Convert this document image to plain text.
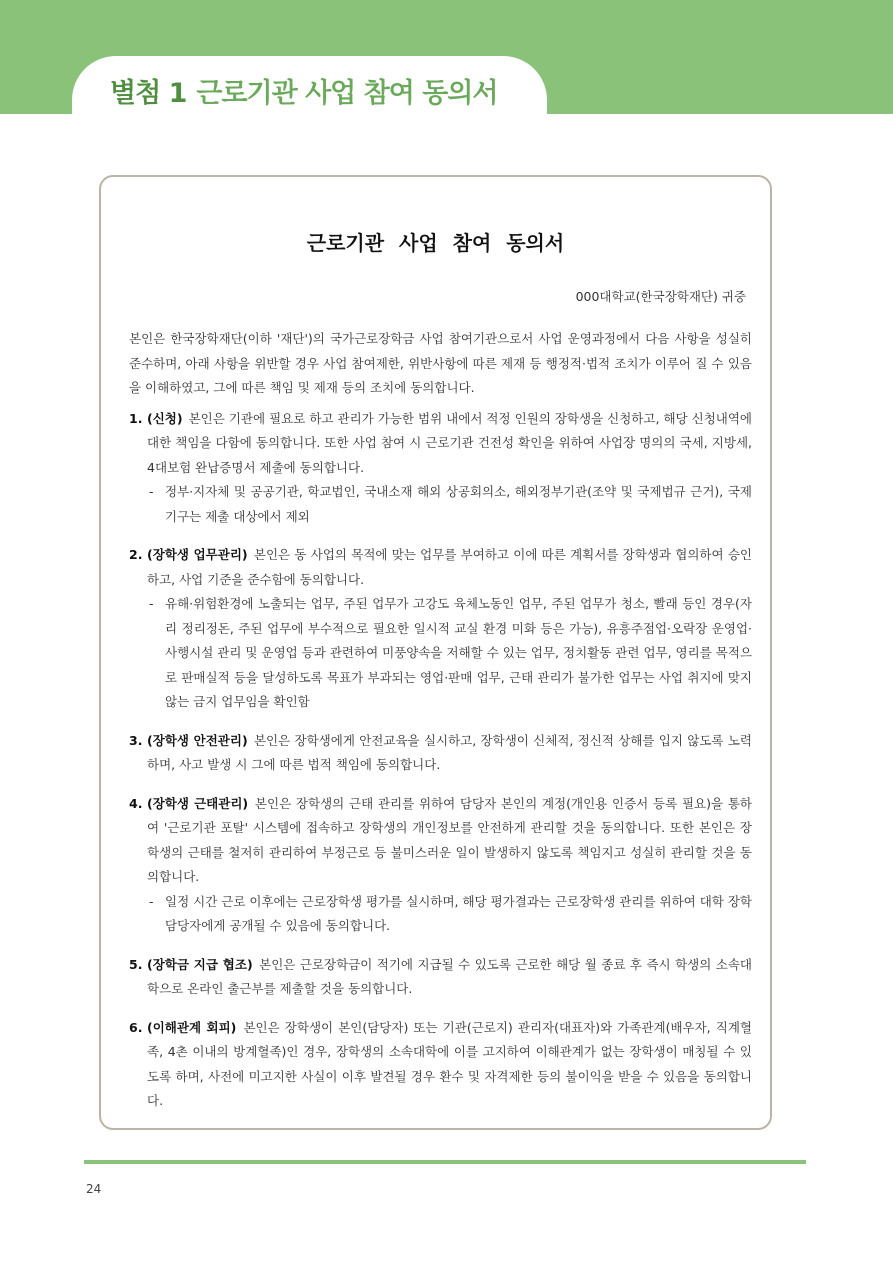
별첨 1 근로기관 사업 참여 동의서
근로기관 사업 참여 동의서

000대학교(한국장학재단) 귀중

본인은 한국장학재단(이하 '재단')의 국가근로장학금 사업 참여기관으로서 사업 운영과정에서 다음 사항을 성실히 준수하며, 아래 사항을 위반할 경우 사업 참여제한, 위반사항에 따른 제재 등 행정적·법적 조치가 이루어 질 수 있음을 이해하였고, 그에 따른 책임 및 제재 등의 조치에 동의합니다.

1. (신청) 본인은 기관에 필요로 하고 관리가 가능한 범위 내에서 적정 인원의 장학생을 신청하고, 해당 신청내역에 대한 책임을 다함에 동의합니다. 또한 사업 참여 시 근로기관 건전성 확인을 위하여 사업장 명의의 국세, 지방세, 4대보험 완납증명서 제출에 동의합니다.
- 정부·지자체 및 공공기관, 학교법인, 국내소재 해외 상공회의소, 해외정부기관(조약 및 국제법규 근거), 국제기구는 제출 대상에서 제외
2. (장학생 업무관리) 본인은 동 사업의 목적에 맞는 업무를 부여하고 이에 따른 계획서를 장학생과 협의하여 승인하고, 사업 기준을 준수함에 동의합니다.
- 유해·위험환경에 노출되는 업무, 주된 업무가 고강도 육체노동인 업무, 주된 업무가 청소, 빨래 등인 경우(자리 정리정돈, 주된 업무에 부수적으로 필요한 일시적 교실 환경 미화 등은 가능), 유흥주점업·오락장 운영업·사행시설 관리 및 운영업 등과 관련하여 미풍양속을 저해할 수 있는 업무, 정치활동 관련 업무, 영리를 목적으로 판매실적 등을 달성하도록 목표가 부과되는 영업·판매 업무, 근태 관리가 불가한 업무는 사업 취지에 맞지 않는 금지 업무임을 확인함
3. (장학생 안전관리) 본인은 장학생에게 안전교육을 실시하고, 장학생이 신체적, 정신적 상해를 입지 않도록 노력하며, 사고 발생 시 그에 따른 법적 책임에 동의합니다.
4. (장학생 근태관리) 본인은 장학생의 근태 관리를 위하여 담당자 본인의 계정(개인용 인증서 등록 필요)을 통하여 '근로기관 포탈' 시스템에 접속하고 장학생의 개인정보를 안전하게 관리할 것을 동의합니다. 또한 본인은 장학생의 근태를 철저히 관리하여 부정근로 등 불미스러운 일이 발생하지 않도록 책임지고 성실히 관리할 것을 동의합니다.
- 일정 시간 근로 이후에는 근로장학생 평가를 실시하며, 해당 평가결과는 근로장학생 관리를 위하여 대학 장학담당자에게 공개될 수 있음에 동의합니다.
5. (장학금 지급 협조) 본인은 근로장학금이 적기에 지급될 수 있도록 근로한 해당 월 종료 후 즉시 학생의 소속대학으로 온라인 출근부를 제출할 것을 동의합니다.
6. (이해관계 회피) 본인은 장학생이 본인(담당자) 또는 기관(근로지) 관리자(대표자)와 가족관계(배우자, 직계혈족, 4촌 이내의 방계혈족)인 경우, 장학생의 소속대학에 이를 고지하여 이해관계가 없는 장학생이 매칭될 수 있도록 하며, 사전에 미고지한 사실이 이후 발견될 경우 환수 및 자격제한 등의 불이익을 받을 수 있음을 동의합니다.

24
